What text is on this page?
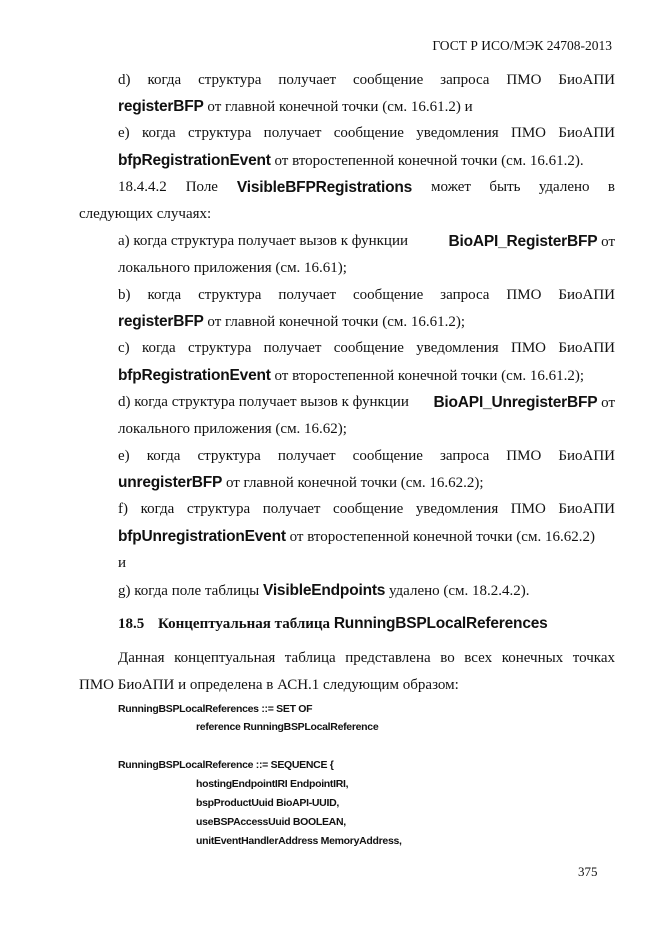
ГОСТ Р ИСО/МЭК 24708-2013
d) когда структура получает сообщение запроса ПМО БиоАПИ
registerBFP от главной конечной точки (см. 16.61.2) и
e) когда структура получает сообщение уведомления ПМО БиоАПИ
bfpRegistrationEvent от второстепенной конечной точки (см. 16.61.2).
18.4.4.2 Поле VisibleBFPRegistrations может быть удалено в
следующих случаях:
a) когда структура получает вызов к функции	BioAPI_RegisterBFP от
локального приложения (см. 16.61);
b) когда структура получает сообщение запроса ПМО БиоАПИ
registerBFP от главной конечной точки (см. 16.61.2);
c) когда структура получает сообщение уведомления ПМО БиоАПИ
bfpRegistrationEvent от второстепенной конечной точки (см. 16.61.2);
d) когда структура получает вызов к функции BioAPI_UnregisterBFP от
локального приложения (см. 16.62);
e) когда структура получает сообщение запроса ПМО БиоАПИ
unregisterBFP от главной конечной точки (см. 16.62.2);
f) когда структура получает сообщение уведомления ПМО БиоАПИ
bfpUnregistrationEvent от второстепенной конечной точки (см. 16.62.2)
и
g) когда поле таблицы VisibleEndpoints удалено (см. 18.2.4.2).
18.5 Концептуальная таблица RunningBSPLocalReferences
Данная концептуальная таблица представлена во всех конечных точках
ПМО БиоАПИ и определена в АСН.1 следующим образом:
RunningBSPLocalReferences ::= SET OF
reference RunningBSPLocalReference
RunningBSPLocalReference ::= SEQUENCE {
hostingEndpointIRI EndpointIRI,
bspProductUuid BioAPI-UUID,
useBSPAccessUuid BOOLEAN,
unitEventHandlerAddress MemoryAddress,
375
